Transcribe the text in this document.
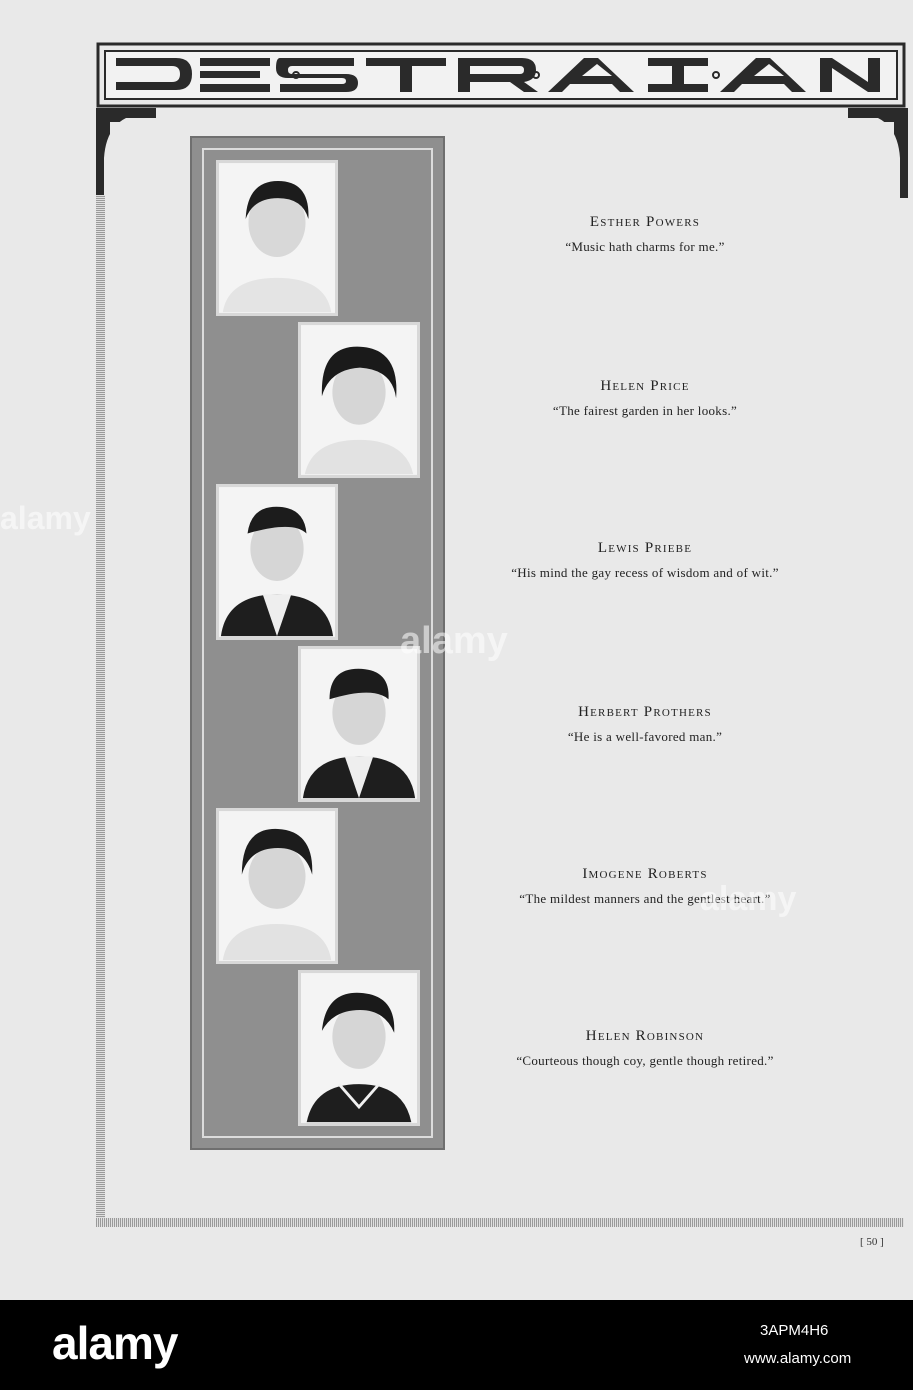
Esther Powers
“Music hath charms for me.”
Helen Price
“The fairest garden in her looks.”
Lewis Priebe
“His mind the gay recess of wisdom and of wit.”
Herbert Prothers
“He is a well-favored man.”
Imogene Roberts
“The mildest manners and the gentlest heart.”
Helen Robinson
“Courteous though coy, gentle though retired.”
[ 50 ]
alamy
alamy
alamy
alamy	3APM4H6
www.alamy.com
